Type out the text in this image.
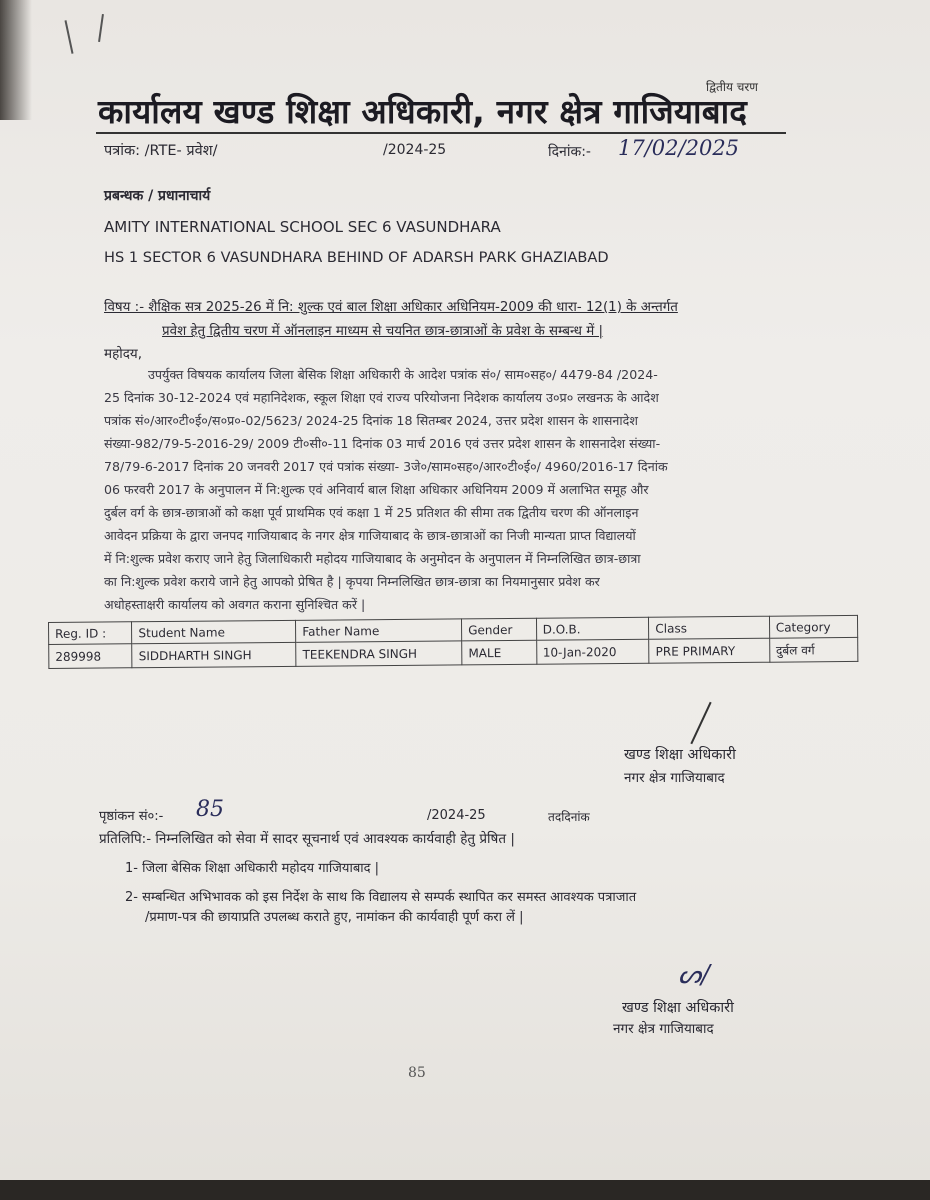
द्वितीय चरण
कार्यालय खण्ड शिक्षा अधिकारी, नगर क्षेत्र गाजियाबाद
पत्रांक: /RTE- प्रवेश/	/2024-25	दिनांक:- 17/02/2025
प्रबन्धक / प्रधानाचार्य
AMITY INTERNATIONAL SCHOOL SEC 6 VASUNDHARA
HS 1 SECTOR 6 VASUNDHARA BEHIND OF ADARSH PARK GHAZIABAD
विषय :- शैक्षिक सत्र 2025-26 में नि: शुल्क एवं बाल शिक्षा अधिकार अधिनियम-2009 की धारा- 12(1) के अन्तर्गत
प्रवेश हेतु द्वितीय चरण में ऑनलाइन माध्यम से चयनित छात्र-छात्राओं के प्रवेश के सम्बन्ध में |
महोदय,
उपर्युक्त विषयक कार्यालय जिला बेसिक शिक्षा अधिकारी के आदेश पत्रांक सं०/ साम०सह०/ 4479-84 /2024-
25 दिनांक 30-12-2024 एवं महानिदेशक, स्कूल शिक्षा एवं राज्य परियोजना निदेशक कार्यालय उ०प्र० लखनऊ के आदेश
पत्रांक सं०/आर०टी०ई०/स०प्र०-02/5623/ 2024-25 दिनांक 18 सितम्बर 2024, उत्तर प्रदेश शासन के शासनादेश
संख्या-982/79-5-2016-29/ 2009 टी०सी०-11 दिनांक 03 मार्च 2016 एवं उत्तर प्रदेश शासन के शासनादेश संख्या-
78/79-6-2017 दिनांक 20 जनवरी 2017 एवं पत्रांक संख्या- 3जे०/साम०सह०/आर०टी०ई०/ 4960/2016-17 दिनांक
06 फरवरी 2017 के अनुपालन में नि:शुल्क एवं अनिवार्य बाल शिक्षा अधिकार अधिनियम 2009 में अलाभित समूह और
दुर्बल वर्ग के छात्र-छात्राओं को कक्षा पूर्व प्राथमिक एवं कक्षा 1 में 25 प्रतिशत की सीमा तक द्वितीय चरण की ऑनलाइन
आवेदन प्रक्रिया के द्वारा जनपद गाजियाबाद के नगर क्षेत्र गाजियाबाद के छात्र-छात्राओं का निजी मान्यता प्राप्त विद्यालयों
में नि:शुल्क प्रवेश कराए जाने हेतु जिलाधिकारी महोदय गाजियाबाद के अनुमोदन के अनुपालन में निम्नलिखित छात्र-छात्रा
का नि:शुल्क प्रवेश कराये जाने हेतु आपको प्रेषित है | कृपया निम्नलिखित छात्र-छात्रा का नियमानुसार प्रवेश कर
अधोहस्ताक्षरी कार्यालय को अवगत कराना सुनिश्चित करें |
Reg. ID :	Student Name	Father Name	Gender	D.O.B.	Class	Category
289998	SIDDHARTH SINGH	TEEKENDRA SINGH	MALE	10-Jan-2020	PRE PRIMARY	दुर्बल वर्ग
खण्ड शिक्षा अधिकारी
नगर क्षेत्र गाजियाबाद
पृष्ठांकन सं०:- 85	/2024-25	तददिनांक
प्रतिलिपि:- निम्नलिखित को सेवा में सादर सूचनार्थ एवं आवश्यक कार्यवाही हेतु प्रेषित |
1- जिला बेसिक शिक्षा अधिकारी महोदय गाजियाबाद |
2- सम्बन्धित अभिभावक को इस निर्देश के साथ कि विद्यालय से सम्पर्क स्थापित कर समस्त आवश्यक पत्राजात
/प्रमाण-पत्र की छायाप्रति उपलब्ध कराते हुए, नामांकन की कार्यवाही पूर्ण करा लें |
ᔕ/
खण्ड शिक्षा अधिकारी
नगर क्षेत्र गाजियाबाद
85
